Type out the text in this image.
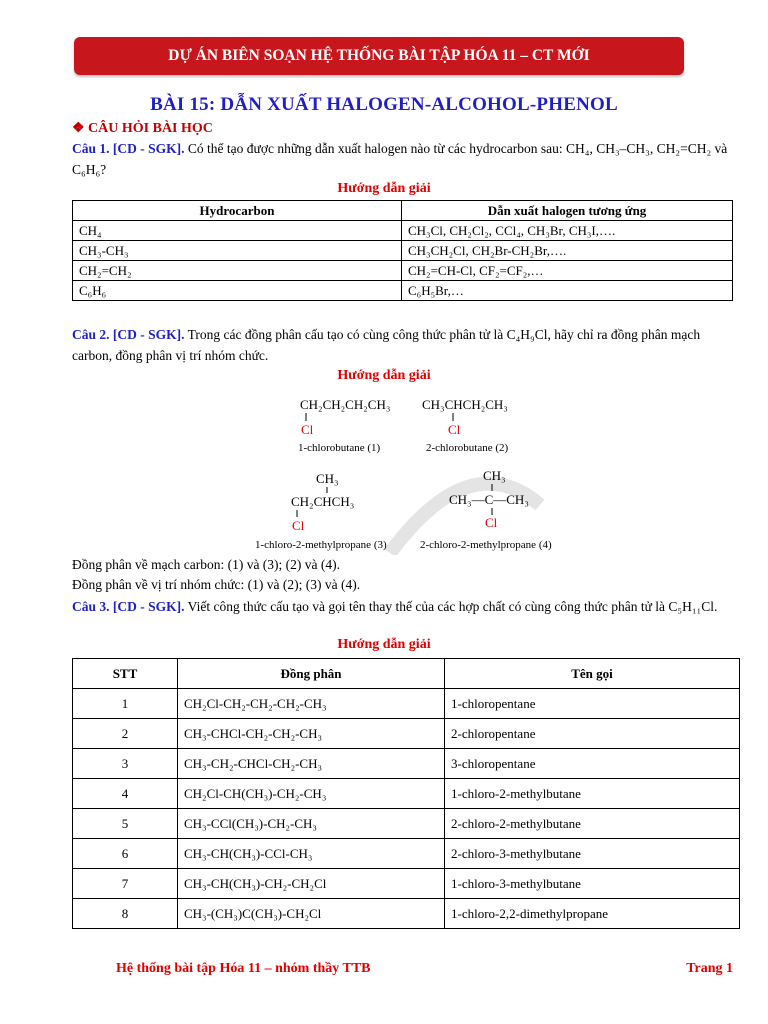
DỰ ÁN BIÊN SOẠN HỆ THỐNG BÀI TẬP HÓA 11 – CT MỚI
BÀI 15: DẪN XUẤT HALOGEN-ALCOHOL-PHENOL
❖ CÂU HỎI BÀI HỌC
Câu 1. [CD - SGK]. Có thể tạo được những dẫn xuất halogen nào từ các hydrocarbon sau: CH₄, CH₃–CH₃, CH₂=CH₂ và C₆H₆?
Hướng dẫn giải
Hydrocarbon	Dẫn xuất halogen tương ứng
CH₄	CH₃Cl, CH₂Cl₂, CCl₄, CH₃Br, CH₃I,….
CH₃-CH₃	CH₃CH₂Cl, CH₂Br-CH₂Br,….
CH₂=CH₂	CH₂=CH-Cl, CF₂=CF₂,…
C₆H₆	C₆H₅Br,…
Câu 2. [CD - SGK]. Trong các đồng phân cấu tạo có cùng công thức phân tử là C₄H₉Cl, hãy chỉ ra đồng phân mạch carbon, đồng phân vị trí nhóm chức.
Hướng dẫn giải
CH₂CH₂CH₂CH₃
Cl
1-chlorobutane (1)
CH₃CHCH₂CH₃
Cl
2-chlorobutane (2)
CH₃
CH₂CHCH₃
Cl
1-chloro-2-methylpropane (3)
CH₃
CH₃—C—CH₃
Cl
2-chloro-2-methylpropane (4)
Đồng phân về mạch carbon: (1) và (3); (2) và (4).
Đồng phân về vị trí nhóm chức: (1) và (2); (3) và (4).
Câu 3. [CD - SGK]. Viết công thức cấu tạo và gọi tên thay thế của các hợp chất có cùng công thức phân tử là C₅H₁₁Cl.
Hướng dẫn giải
STT	Đồng phân	Tên gọi
1	CH₂Cl-CH₂-CH₂-CH₂-CH₃	1-chloropentane
2	CH₃-CHCl-CH₂-CH₂-CH₃	2-chloropentane
3	CH₃-CH₂-CHCl-CH₂-CH₃	3-chloropentane
4	CH₂Cl-CH(CH₃)-CH₂-CH₃	1-chloro-2-methylbutane
5	CH₃-CCl(CH₃)-CH₂-CH₃	2-chloro-2-methylbutane
6	CH₃-CH(CH₃)-CCl-CH₃	2-chloro-3-methylbutane
7	CH₃-CH(CH₃)-CH₂-CH₂Cl	1-chloro-3-methylbutane
8	CH₃-(CH₃)C(CH₃)-CH₂Cl	1-chloro-2,2-dimethylpropane
Hệ thống bài tập Hóa 11 – nhóm thầy TTB	Trang 1
